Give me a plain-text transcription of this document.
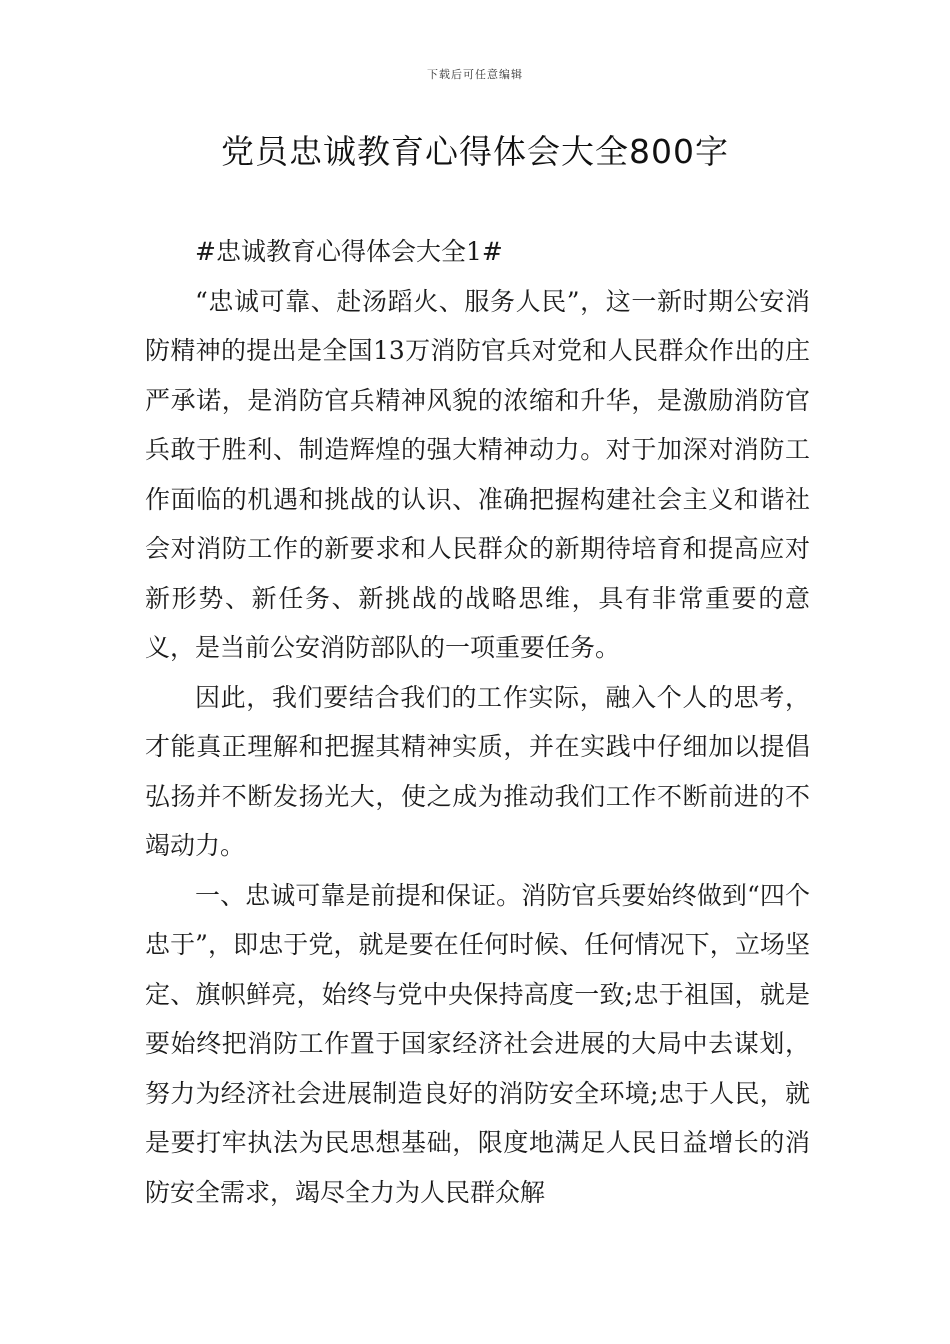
下载后可任意编辑
党员忠诚教育心得体会大全800字

#忠诚教育心得体会大全1#

“忠诚可靠、赴汤蹈火、服务人民”，这一新时期公安消防精神的提出是全国13万消防官兵对党和人民群众作出的庄严承诺，是消防官兵精神风貌的浓缩和升华，是激励消防官兵敢于胜利、制造辉煌的强大精神动力。对于加深对消防工作面临的机遇和挑战的认识、准确把握构建社会主义和谐社会对消防工作的新要求和人民群众的新期待培育和提高应对新形势、新任务、新挑战的战略思维，具有非常重要的意义，是当前公安消防部队的一项重要任务。

因此，我们要结合我们的工作实际，融入个人的思考，才能真正理解和把握其精神实质，并在实践中仔细加以提倡弘扬并不断发扬光大，使之成为推动我们工作不断前进的不竭动力。

一、忠诚可靠是前提和保证。消防官兵要始终做到“四个忠于”，即忠于党，就是要在任何时候、任何情况下，立场坚定、旗帜鲜亮，始终与党中央保持高度一致;忠于祖国，就是要始终把消防工作置于国家经济社会进展的大局中去谋划，努力为经济社会进展制造良好的消防安全环境;忠于人民，就是要打牢执法为民思想基础，限度地满足人民日益增长的消防安全需求，竭尽全力为人民群众解
